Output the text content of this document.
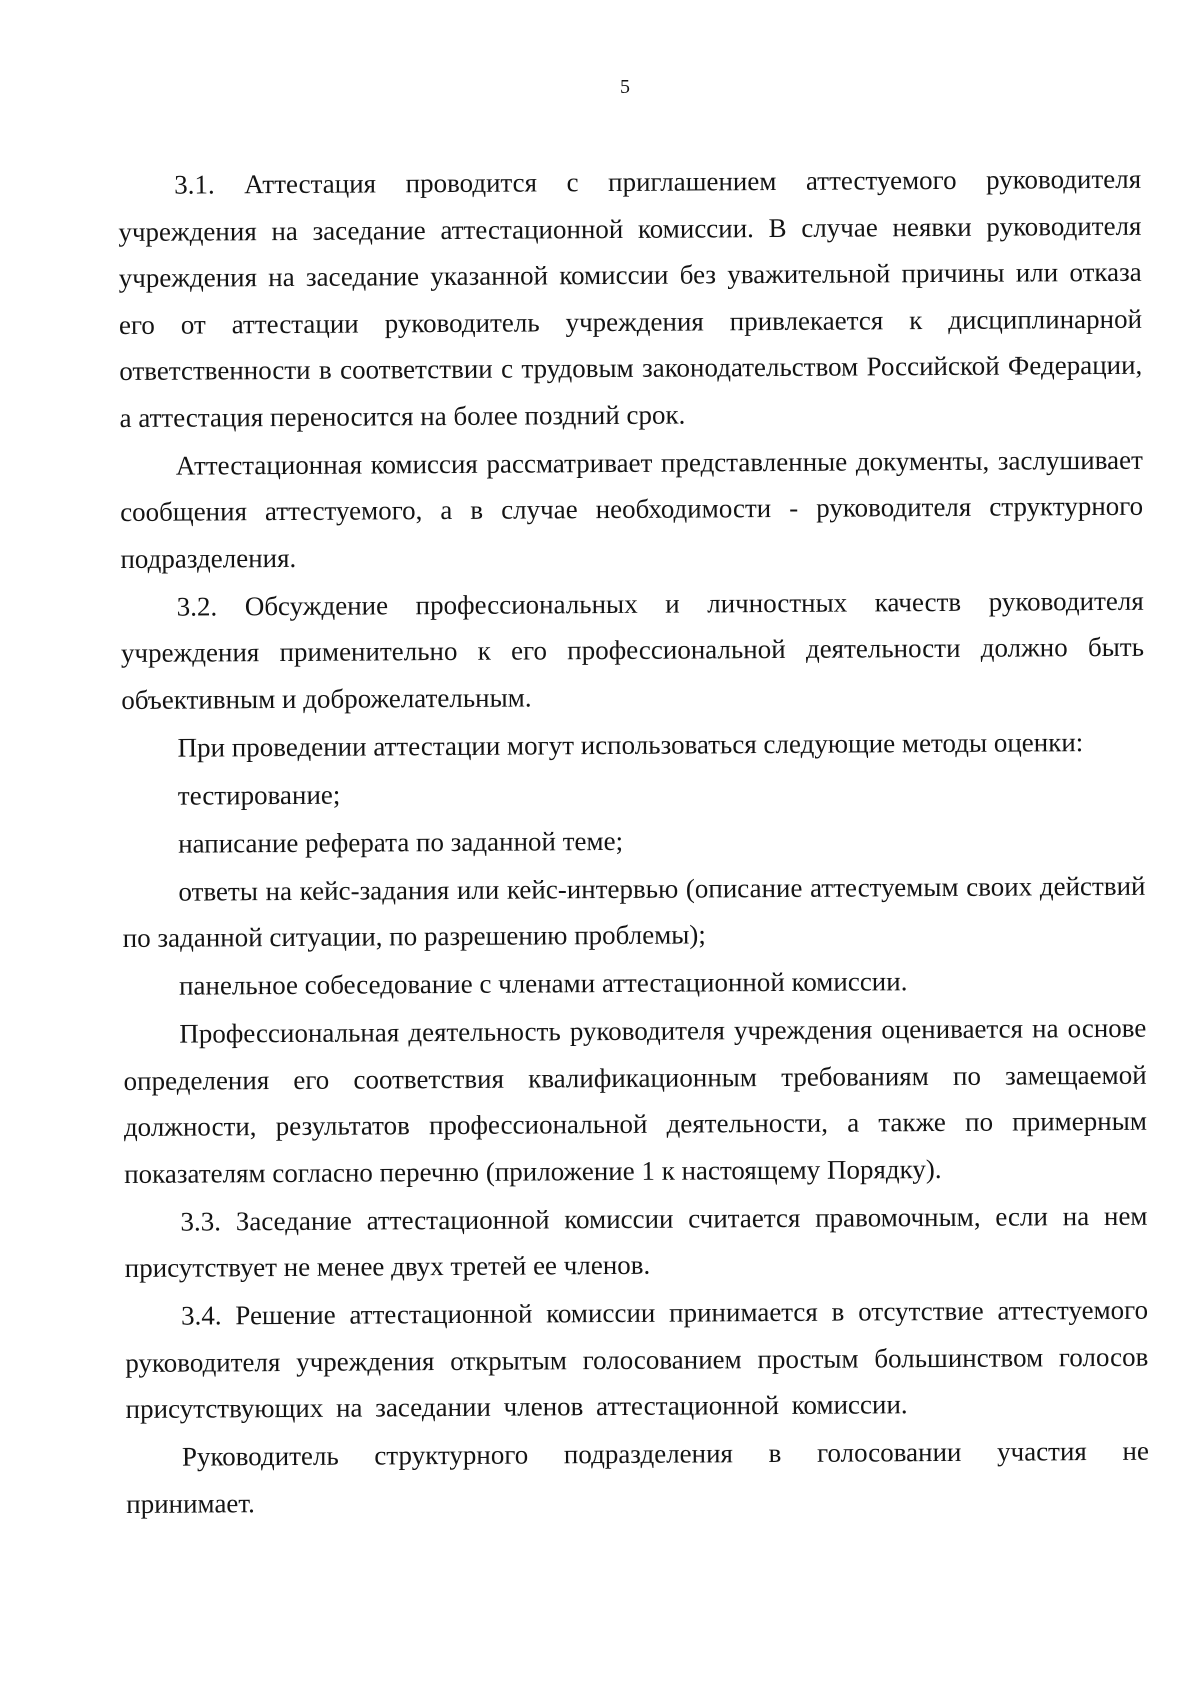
5

3.1. Аттестация проводится с приглашением аттестуемого руководителя учреждения на заседание аттестационной комиссии. В случае неявки руководителя учреждения на заседание указанной комиссии без уважительной причины или отказа его от аттестации руководитель учреждения привлекается к дисциплинарной ответственности в соответствии с трудовым законодательством Российской Федерации, а аттестация переносится на более поздний срок.

Аттестационная комиссия рассматривает представленные документы, заслушивает сообщения аттестуемого, а в случае необходимости - руководителя структурного подразделения.

3.2. Обсуждение профессиональных и личностных качеств руководителя учреждения применительно к его профессиональной деятельности должно быть объективным и доброжелательным.

При проведении аттестации могут использоваться следующие методы оценки:

тестирование;

написание реферата по заданной теме;

ответы на кейс-задания или кейс-интервью (описание аттестуемым своих действий по заданной ситуации, по разрешению проблемы);

панельное собеседование с членами аттестационной комиссии.

Профессиональная деятельность руководителя учреждения оценивается на основе определения его соответствия квалификационным требованиям по замещаемой должности, результатов профессиональной деятельности, а также по примерным показателям согласно перечню (приложение 1 к настоящему Порядку).

3.3. Заседание аттестационной комиссии считается правомочным, если на нем присутствует не менее двух третей ее членов.

3.4. Решение аттестационной комиссии принимается в отсутствие аттестуемого руководителя учреждения открытым голосованием простым большинством голосов присутствующих на заседании членов аттестационной комиссии.

Руководитель структурного подразделения в голосовании участия не принимает.
